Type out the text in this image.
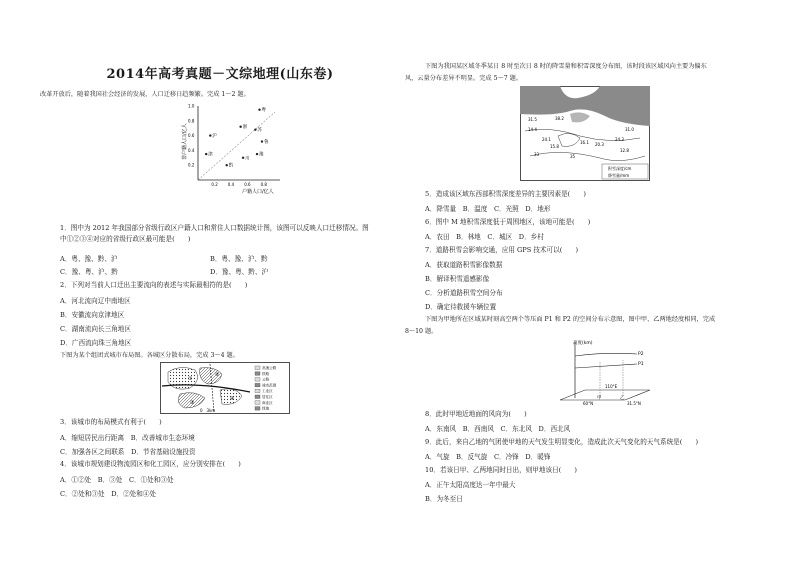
2014年高考真题－文综地理(山东卷)
改革开放后，随着我国社会经济的发展，人口迁移日趋频繁。完成 1～2 题。
非户籍人口/亿人
户籍人口/亿人
0.2	0.4	0.6	0.8
0.2
0.4
0.6
0.8
1.0
粤
浙
苏
鲁
豫
沪
津
黔
川
1．图中为 2012 年我国部分省级行政区户籍人口和常住人口数据统计图，该图可以反映人口迁移情况。图
中①②③④对应的省级行政区最可能是(　　)
A．粤、豫、黔、沪	B．粤、豫、沪、黔
C．豫、粤、沪、黔	D．豫、粤、黔、沪
2．下列对当前人口迁出主要流向的表述与实际最相符的是(　　)
A．河北流向辽中南地区
B．安徽流向京津地区
C．湖南流向长三角地区
D．广西流向珠三角地区
下图为某个组团式城市布局图。各城区分散布局，完成 3～4 题。
①
②
③
④
0　3km
高速公路
铁路
公路
城市范围
工业区
居住区
商业区
绿地
3．该城市的布局模式有利于(　　)
A．缩短居民出行距离　B．改善城市生态环境
C．加强各区之间联系　D．节省基础设施投资
4．该城市规划建设物流园区和化工园区，应分别安排在(　　)
A．①②处　B．③处　C．①处和③处
C．②处和③处　D．②处和④处
下图为我国某区域冬季某日 8 时至次日 8 时的降雪量和积雪深度分布图，该时段该区域风向主要为偏东
风，云量分布差异不明显。完成 5～7 题。
31.5	38.2
14.4
24.1
15.8
16.1 20.3
24.3
33	35
31.0
12.8
积雪深度/cm
降雪量/mm
5．造成该区域东西部积雪深度差异的主要因素是(　　)
A．降雪量　B．温度　C．光照　D．地形
6．图中 M 地积雪深度低于周围地区，该地可能是(　　)
A．农田　B．林地　C．城区　D．乡村
7．道路积雪会影响交通，应用 GPS 技术可以(　　)
A．获取道路积雪影像数据
B．解译积雪遥感影像
C．分析道路积雪空间分布
D．确定待救援车辆位置
下图为甲地所在区域某时刻高空两个等压面 P1 和 P2 的空间分布示意图，图中甲、乙两地经度相同，完成
8～10 题。
高度(km)
P2
P1
110°E
60°N	31.5°N
甲	乙
8．此时甲地近地面的风向为(　　)
A．东南风　B．西南风　C．东北风　D．西北风
9．此后，来自乙地的气团使甲地的天气发生明显变化，造成此次天气变化的天气系统是(　　)
A．气旋　B．反气旋　C．冷锋　D．暖锋
10．若该日甲、乙两地同时日出，则甲地该日(　　)
A．正午太阳高度达一年中最大
B．为冬至日
